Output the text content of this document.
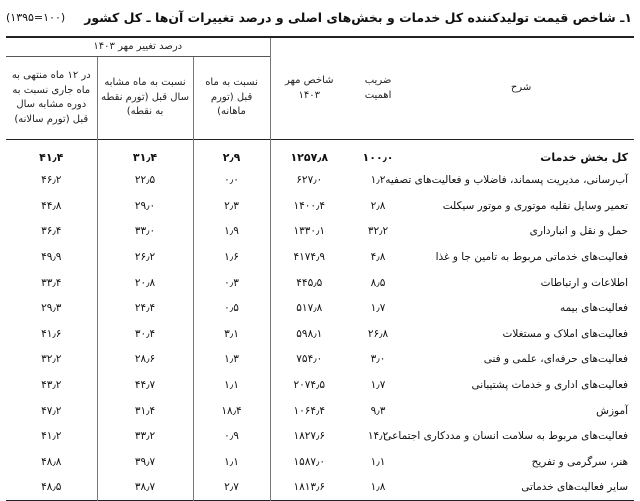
۱ـ شاخص قیمت تولیدکننده کل خدمات و بخش‌های اصلی و درصد تغییرات آن‌ها ـ کل کشور
(۱۳۹۵=۱۰۰)
شرح	ضریب اهمیت	شاخص مهر ۱۴۰۳	درصد تغییر مهر ۱۴۰۳		
			نسبت به ماه قبل (تورم ماهانه)	نسبت به ماه مشابه سال قبل (تورم نقطه به نقطه)	در ۱۲ ماه منتهی به ماه جاری نسبت به دوره مشابه سال قبل (تورم سالانه)
کل بخش خدمات	۱۰۰٫۰	۱۲۵۷٫۸	۲٫۹	۳۱٫۴	۴۱٫۴
آب‌رسانی، مدیریت پسماند، فاضلاب و فعالیت‌های تصفیه	۱٫۲	۶۲۷٫۰	۰٫۰	۲۲٫۵	۴۶٫۲
تعمیر وسایل نقلیه موتوری و موتور سیکلت	۲٫۸	۱۴۰۰٫۴	۲٫۳	۲۹٫۰	۴۴٫۸
حمل و نقل و انبارداری	۳۲٫۲	۱۳۳۰٫۱	۱٫۹	۳۳٫۰	۳۶٫۴
فعالیت‌های خدماتی مربوط به تامین جا و غذا	۴٫۸	۴۱۷۴٫۹	۱٫۶	۲۶٫۲	۴۹٫۹
اطلاعات و ارتباطات	۸٫۵	۴۴۵٫۵	۰٫۳	۲۰٫۸	۳۳٫۴
فعالیت‌های بیمه	۱٫۷	۵۱۷٫۸	۰٫۵	۲۴٫۴	۲۹٫۳
فعالیت‌های املاک و مستغلات	۲۶٫۸	۵۹۸٫۱	۳٫۱	۳۰٫۴	۴۱٫۶
فعالیت‌های حرفه‌ای، علمی و فنی	۳٫۰	۷۵۴٫۰	۱٫۳	۲۸٫۶	۳۲٫۲
فعالیت‌های اداری و خدمات پشتیبانی	۱٫۷	۲۰۷۴٫۵	۱٫۱	۴۴٫۷	۴۳٫۲
آموزش	۹٫۳	۱۰۶۴٫۴	۱۸٫۴	۳۱٫۴	۴۷٫۲
فعالیت‌های مربوط به سلامت انسان و مددکاری اجتماعی	۱۴٫۲	۱۸۲۷٫۶	۰٫۹	۳۳٫۲	۴۱٫۲
هنر، سرگرمی و تفریح	۱٫۱	۱۵۸۷٫۰	۱٫۱	۳۹٫۷	۴۸٫۸
سایر فعالیت‌های خدماتی	۱٫۸	۱۸۱۳٫۶	۲٫۷	۳۸٫۷	۴۸٫۵
